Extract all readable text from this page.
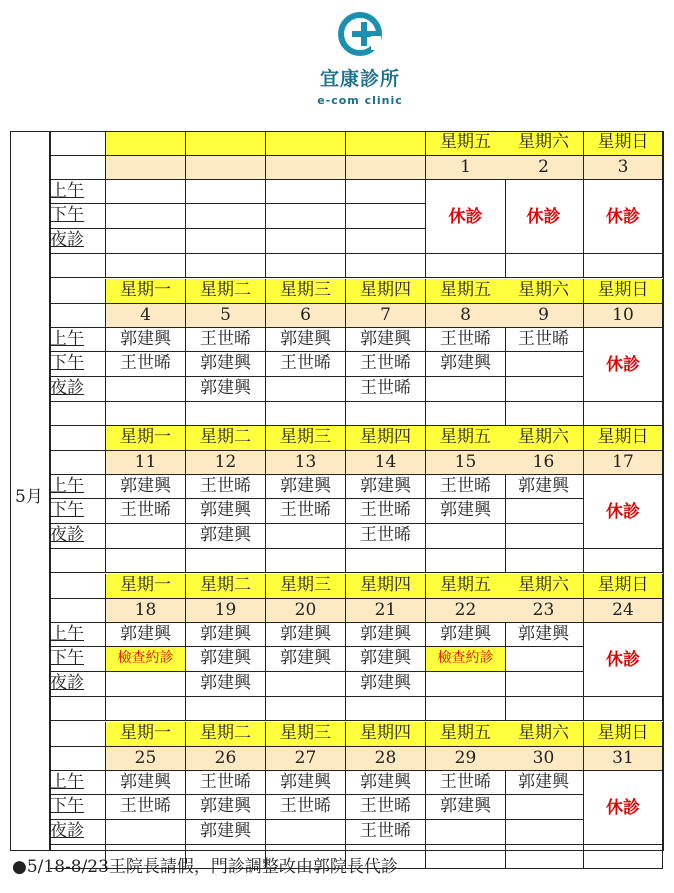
宜康診所
e-com clinic
5月
上午
下午
夜診
星期五
1
休診
星期六
2
休診
星期日
3
休診
上午
下午
夜診
星期一
4
郭建興
王世晞
星期二
5
王世晞
郭建興
郭建興
星期三
6
郭建興
王世晞
星期四
7
郭建興
王世晞
王世晞
星期五
8
王世晞
郭建興
星期六
9
王世晞
星期日
10
休診
上午
下午
夜診
星期一
11
郭建興
王世晞
星期二
12
王世晞
郭建興
郭建興
星期三
13
郭建興
王世晞
星期四
14
郭建興
王世晞
王世晞
星期五
15
王世晞
郭建興
星期六
16
郭建興
星期日
17
休診
上午
下午
夜診
星期一
18
郭建興
檢查約診
星期二
19
郭建興
郭建興
郭建興
星期三
20
郭建興
郭建興
星期四
21
郭建興
郭建興
郭建興
星期五
22
郭建興
檢查約診
星期六
23
郭建興
星期日
24
休診
上午
下午
夜診
星期一
25
郭建興
王世晞
星期二
26
王世晞
郭建興
郭建興
星期三
27
郭建興
王世晞
星期四
28
郭建興
王世晞
王世晞
星期五
29
王世晞
郭建興
星期六
30
郭建興
星期日
31
休診
●5/18-8/23王院長請假，門診調整改由郭院長代診
